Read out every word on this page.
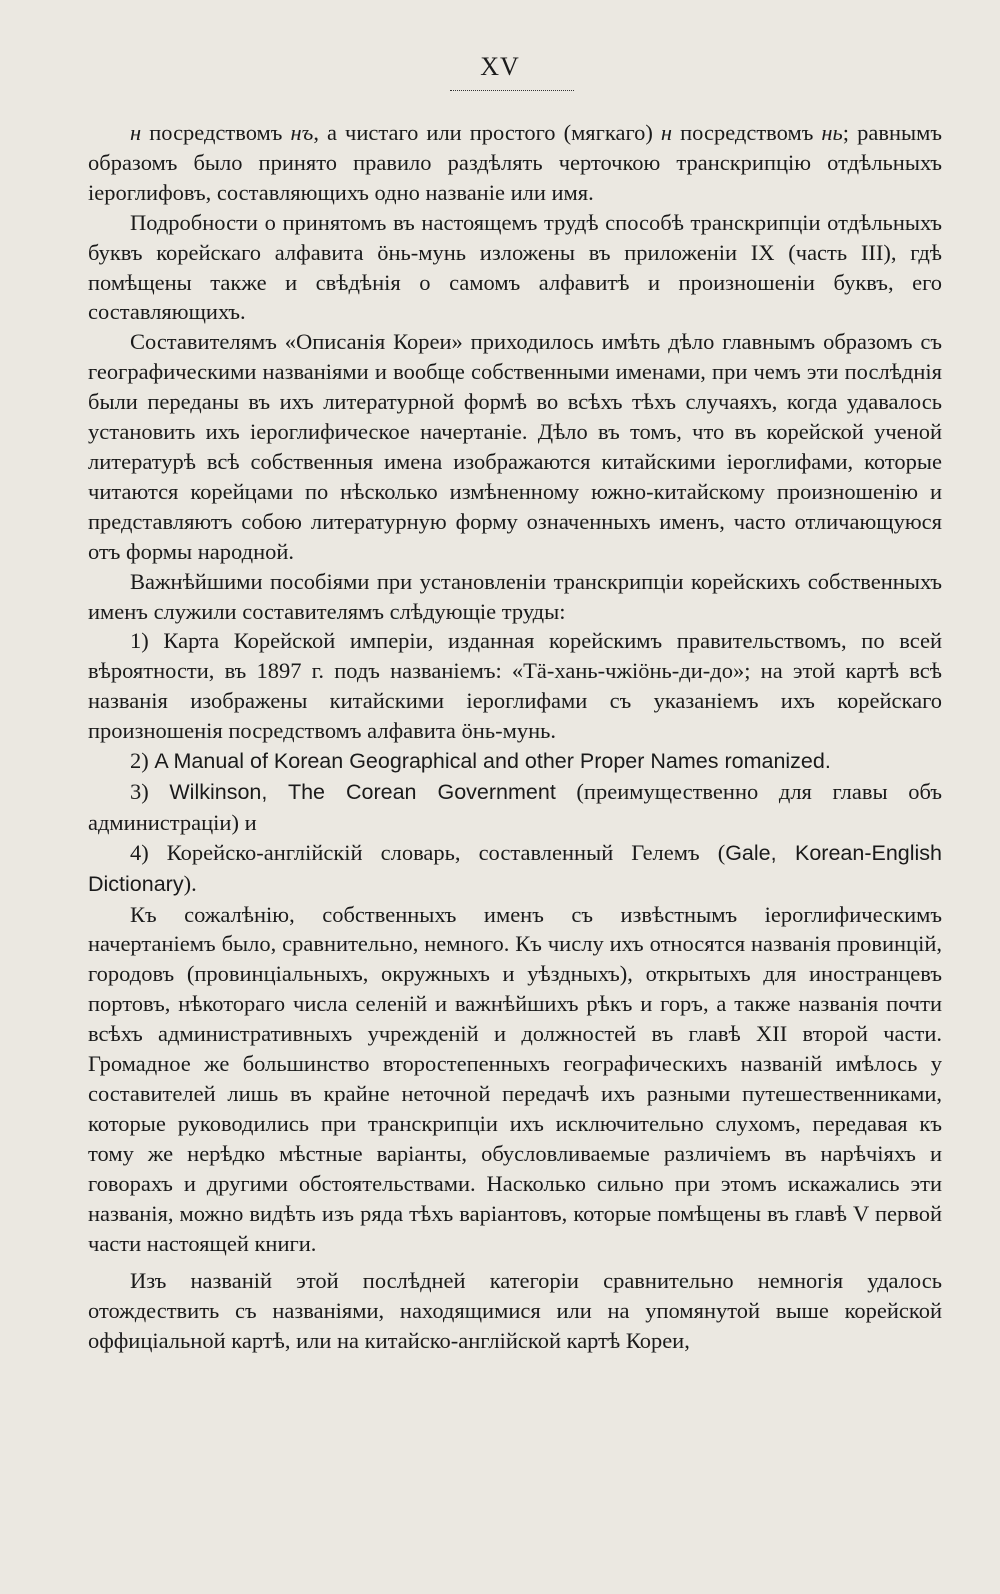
XV

н посредствомъ нъ, а чистаго или простого (мягкаго) н посредствомъ нь; равнымъ образомъ было принято правило раздѣлять черточкою транскрипцію отдѣльныхъ іероглифовъ, составляющихъ одно названіе или имя.

Подробности о принятомъ въ настоящемъ трудѣ способѣ транскрипціи отдѣльныхъ буквъ корейскаго алфавита öнь-мунь изложены въ приложеніи IX (часть III), гдѣ помѣщены также и свѣдѣнія о самомъ алфавитѣ и произношеніи буквъ, его составляющихъ.

Составителямъ «Описанія Кореи» приходилось имѣть дѣло главнымъ образомъ съ географическими названіями и вообще собственными именами, при чемъ эти послѣднія были переданы въ ихъ литературной формѣ во всѣхъ тѣхъ случаяхъ, когда удавалось установить ихъ іероглифическое начертаніе. Дѣло въ томъ, что въ корейской ученой литературѣ всѣ собственныя имена изображаются китайскими іероглифами, которые читаются корейцами по нѣсколько измѣненному южно-китайскому произношенію и представляютъ собою литературную форму означенныхъ именъ, часто отличающуюся отъ формы народной.

Важнѣйшими пособіями при установленіи транскрипціи корейскихъ собственныхъ именъ служили составителямъ слѣдующіе труды:

1) Карта Корейской имперіи, изданная корейскимъ правительствомъ, по всей вѣроятности, въ 1897 г. подъ названіемъ: «Тä-хань-чжіöнь-ди-до»; на этой картѣ всѣ названія изображены китайскими іероглифами съ указаніемъ ихъ корейскаго произношенія посредствомъ алфавита öнь-мунь.

2) A Manual of Korean Geographical and other Proper Names romanized.

3) Wilkinson, The Corean Government (преимущественно для главы объ администраціи) и

4) Корейско-англійскій словарь, составленный Гелемъ (Gale, Korean-English Dictionary).

Къ сожалѣнію, собственныхъ именъ съ извѣстнымъ іероглифическимъ начертаніемъ было, сравнительно, немного. Къ числу ихъ относятся названія провинцій, городовъ (провинціальныхъ, окружныхъ и уѣздныхъ), открытыхъ для иностранцевъ портовъ, нѣкотораго числа селеній и важнѣйшихъ рѣкъ и горъ, а также названія почти всѣхъ административныхъ учрежденій и должностей въ главѣ XII второй части. Громадное же большинство второстепенныхъ географическихъ названій имѣлось у составителей лишь въ крайне неточной передачѣ ихъ разными путешественниками, которые руководились при транскрипціи ихъ исключительно слухомъ, передавая къ тому же нерѣдко мѣстные варіанты, обусловливаемые различіемъ въ нарѣчіяхъ и говорахъ и другими обстоятельствами. Насколько сильно при этомъ искажались эти названія, можно видѣть изъ ряда тѣхъ варіантовъ, которые помѣщены въ главѣ V первой части настоящей книги.

Изъ названій этой послѣдней категоріи сравнительно немногія удалось отождествить съ названіями, находящимися или на упомянутой выше корейской оффиціальной картѣ, или на китайско-англійской картѣ Кореи,
